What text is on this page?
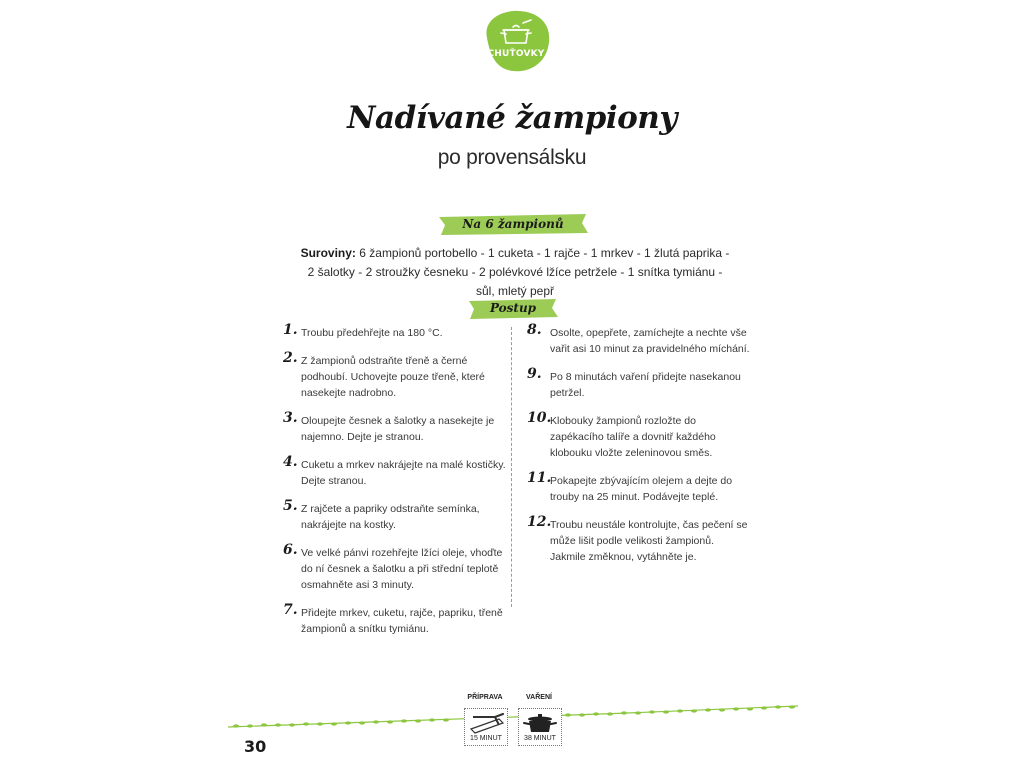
CHUŤOVKY
Nadívané žampiony
po provensálsku
Na 6 žampionů
Suroviny: 6 žampionů portobello - 1 cuketa - 1 rajče - 1 mrkev - 1 žlutá paprika - 2 šalotky - 2 stroužky česneku - 2 polévkové lžíce petržele - 1 snítka tymiánu - sůl, mletý pepř
Postup
1. Troubu předehřejte na 180 °C.
2. Z žampionů odstraňte třeně a černé podhoubí. Uchovejte pouze třeně, které nasekejte nadrobno.
3. Oloupejte česnek a šalotky a nasekejte je najemno. Dejte je stranou.
4. Cuketu a mrkev nakrájejte na malé kostičky. Dejte stranou.
5. Z rajčete a papriky odstraňte semínka, nakrájejte na kostky.
6. Ve velké pánvi rozehřejte lžíci oleje, vhoďte do ní česnek a šalotku a při střední teplotě osmahněte asi 3 minuty.
7. Přidejte mrkev, cuketu, rajče, papriku, třeně žampionů a snítku tymiánu.
8. Osolte, opepřete, zamíchejte a nechte vše vařit asi 10 minut za pravidelného míchání.
9. Po 8 minutách vaření přidejte nasekanou petržel.
10.
Klobouky žampionů rozložte do zapékacího talíře a dovnitř každého klobouku vložte zeleninovou směs.
11.
Pokapejte zbývajícím olejem a dejte do trouby na 25 minut. Podávejte teplé.
12.
Troubu neustále kontrolujte, čas pečení se může lišit podle velikosti žampionů. Jakmile změknou, vytáhněte je.
PŘÍPRAVA
15 MINUT
VAŘENÍ
38 MINUT
30
